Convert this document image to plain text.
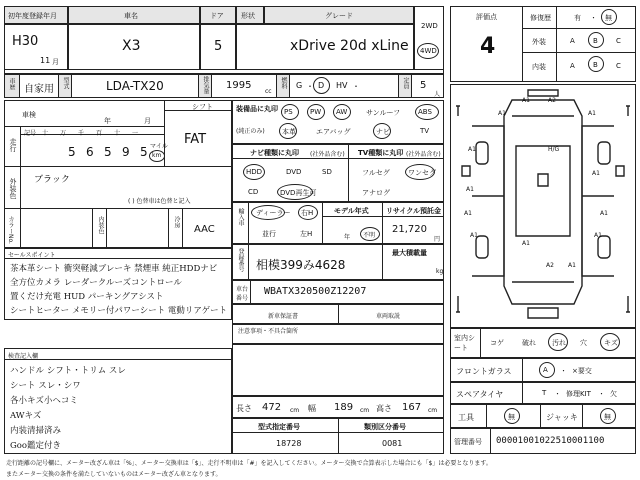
初年度登録年月	車名	ドア 形状	グレード
H30
11 月
X3	5	xDrive 20d xLine
2WD
4WD
車歴 自家用
型式	LDA-TX20	排気量 1995
cc
燃料 G ・ D HV ・	定員 5
人
車検
年	月
シフト
FAT
走行
記号 十 万 千 百 十 一
5 6 5 9 5 マイル
km
外装色 ブラック
( ) 色替車は色替と記入
カラーNo.	内装色	冷房
AAC
セールスポイント
茶本革シート 衝突軽減ブレーキ 禁煙車 純正HDDナビ
全方位カメラ レーダークルーズコントロール
置くだけ充電 HUD パーキングアシスト
シートヒーター メモリー付パワーシート 電動リアゲート
装備品に丸印
(純正のみ)
PS PW AW	サンルーフ	ABS
本革	エアバッグ	ナビ	TV
ナビ種類に丸印 (社外品含む) TV種類に丸印 (社外品含む)
HDD	DVD	SD
CD	DVD再生可
フルセグ	ワンセグ
アナログ
輸入車 ディーラー 右H
並行	左H
モデル年式
年 不明
リサイクル預託金
21,720
円
登録番号 相模399み4628
最大積載量
kg
車台番号
WBATX320500Z12207
新車保証書	車両取説
注意事項・不具合箇所
検査記入欄
ハンドル シフト・トリム スレ
シート スレ・シワ
各小キズ小ヘコミ
AWキズ
内装清掃済み
Goo鑑定付き
長さ 472 cm 幅 189 cm 高さ 167 cm
型式指定番号
18728
類別区分番号
0081
評価点
4
修復歴	有 ・ 無
外装	A	B	C
内装	A	B	C
A1	A2
A1	A1
A1	H/G
A1
A1
A1	A1
A1	A1
A1
A2 A1
室内シート
コゲ	破れ 汚れ 穴 キズ
フロントガラス	A ・ ×要交
スペアタイヤ	T ・ 修理KIT ・ 欠
工具	無	ジャッキ	無
管理番号 00001001022510001100
走行距離の記号欄に、メーター改ざん車は「%」、メーター交換車は「$」、走行不明車は「#」を記入してください。メーター交換で合算表示した場合にも「$」は必要となります。
またメーター交換の条件を満たしていないものはメーター改ざん車となります。
